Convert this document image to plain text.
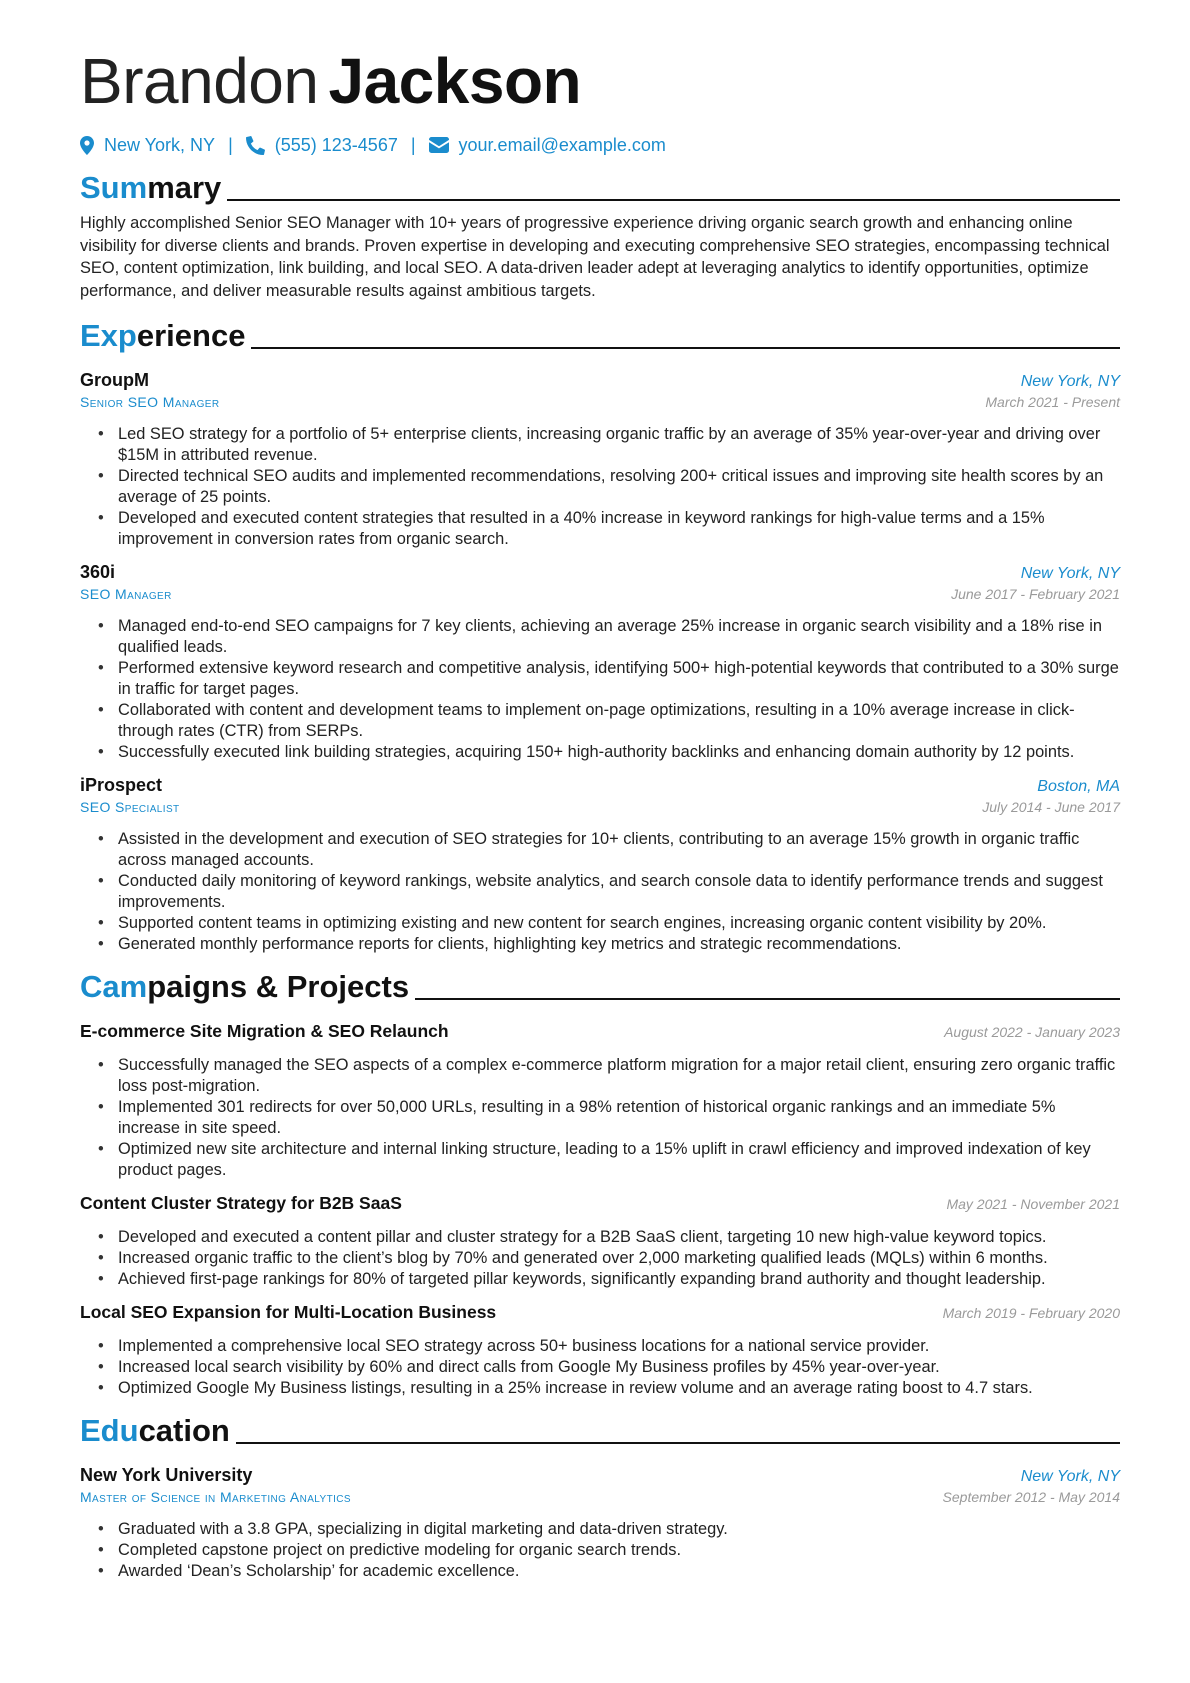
Brandon Jackson
New York, NY | (555) 123-4567 | your.email@example.com
Summary
Highly accomplished Senior SEO Manager with 10+ years of progressive experience driving organic search growth and enhancing online visibility for diverse clients and brands. Proven expertise in developing and executing comprehensive SEO strategies, encompassing technical SEO, content optimization, link building, and local SEO. A data-driven leader adept at leveraging analytics to identify opportunities, optimize performance, and deliver measurable results against ambitious targets.
Experience
GroupM	New York, NY
Senior SEO Manager	March 2021 - Present
• Led SEO strategy for a portfolio of 5+ enterprise clients, increasing organic traffic by an average of 35% year-over-year and driving over $15M in attributed revenue.
• Directed technical SEO audits and implemented recommendations, resolving 200+ critical issues and improving site health scores by an average of 25 points.
• Developed and executed content strategies that resulted in a 40% increase in keyword rankings for high-value terms and a 15% improvement in conversion rates from organic search.
360i	New York, NY
SEO Manager	June 2017 - February 2021
• Managed end-to-end SEO campaigns for 7 key clients, achieving an average 25% increase in organic search visibility and a 18% rise in qualified leads.
• Performed extensive keyword research and competitive analysis, identifying 500+ high-potential keywords that contributed to a 30% surge in traffic for target pages.
• Collaborated with content and development teams to implement on-page optimizations, resulting in a 10% average increase in click-through rates (CTR) from SERPs.
• Successfully executed link building strategies, acquiring 150+ high-authority backlinks and enhancing domain authority by 12 points.
iProspect	Boston, MA
SEO Specialist	July 2014 - June 2017
• Assisted in the development and execution of SEO strategies for 10+ clients, contributing to an average 15% growth in organic traffic across managed accounts.
• Conducted daily monitoring of keyword rankings, website analytics, and search console data to identify performance trends and suggest improvements.
• Supported content teams in optimizing existing and new content for search engines, increasing organic content visibility by 20%.
• Generated monthly performance reports for clients, highlighting key metrics and strategic recommendations.
Campaigns & Projects
E-commerce Site Migration & SEO Relaunch	August 2022 - January 2023
• Successfully managed the SEO aspects of a complex e-commerce platform migration for a major retail client, ensuring zero organic traffic loss post-migration.
• Implemented 301 redirects for over 50,000 URLs, resulting in a 98% retention of historical organic rankings and an immediate 5% increase in site speed.
• Optimized new site architecture and internal linking structure, leading to a 15% uplift in crawl efficiency and improved indexation of key product pages.
Content Cluster Strategy for B2B SaaS	May 2021 - November 2021
• Developed and executed a content pillar and cluster strategy for a B2B SaaS client, targeting 10 new high-value keyword topics.
• Increased organic traffic to the client’s blog by 70% and generated over 2,000 marketing qualified leads (MQLs) within 6 months.
• Achieved first-page rankings for 80% of targeted pillar keywords, significantly expanding brand authority and thought leadership.
Local SEO Expansion for Multi-Location Business	March 2019 - February 2020
• Implemented a comprehensive local SEO strategy across 50+ business locations for a national service provider.
• Increased local search visibility by 60% and direct calls from Google My Business profiles by 45% year-over-year.
• Optimized Google My Business listings, resulting in a 25% increase in review volume and an average rating boost to 4.7 stars.
Education
New York University	New York, NY
Master of Science in Marketing Analytics	September 2012 - May 2014
• Graduated with a 3.8 GPA, specializing in digital marketing and data-driven strategy.
• Completed capstone project on predictive modeling for organic search trends.
• Awarded ‘Dean’s Scholarship’ for academic excellence.
